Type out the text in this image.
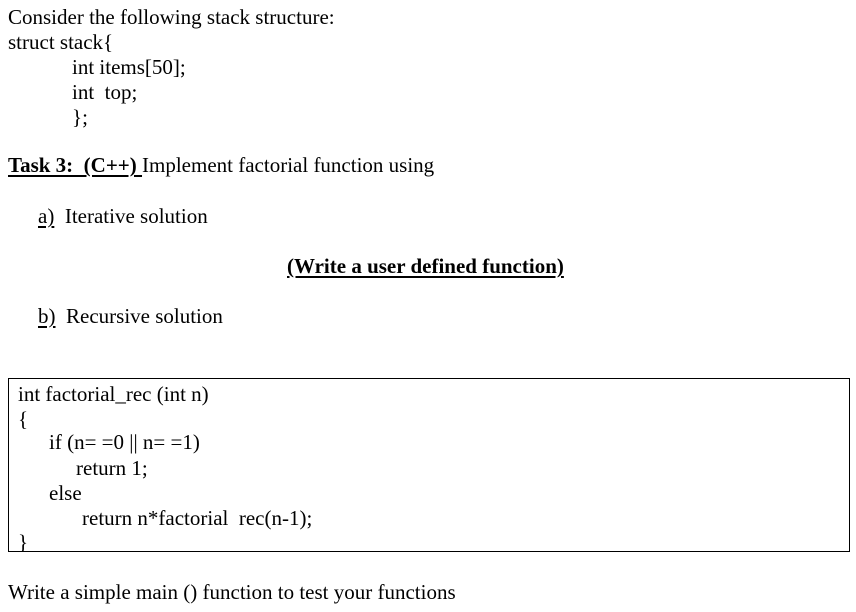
Consider the following stack structure:
struct stack{
int items[50];
int  top;
};
Task 3:  (C++) Implement factorial function using
a) Iterative solution
(Write a user defined function)
b) Recursive solution
int factorial_rec (int n)
{
if (n= =0 || n= =1)
return 1;
else
return n*factorial  rec(n-1);
}
Write a simple main () function to test your functions
